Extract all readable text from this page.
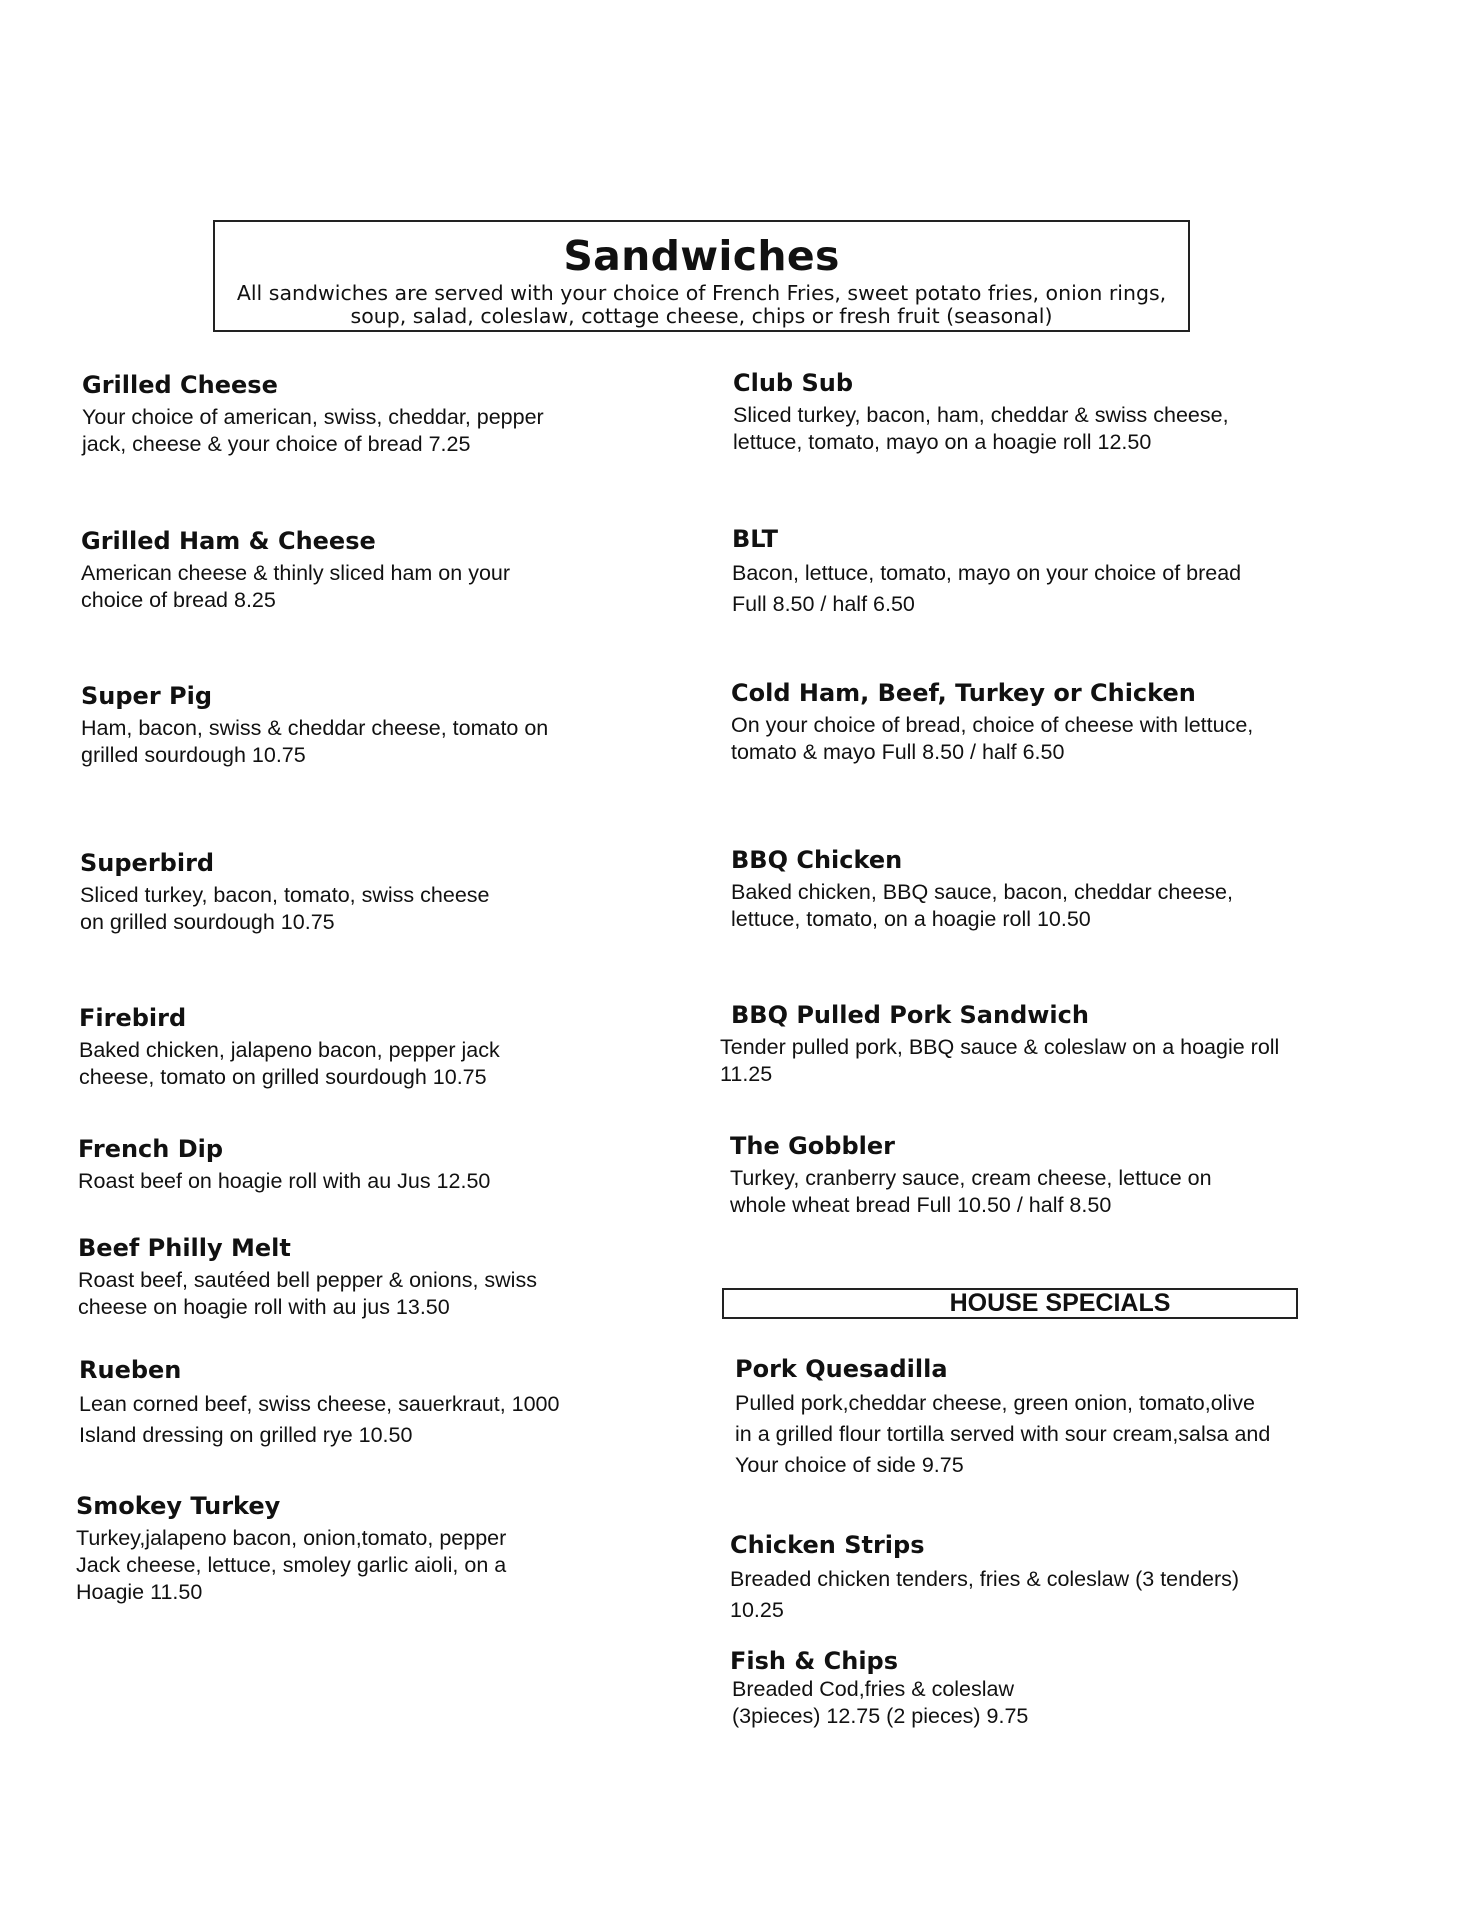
Sandwiches
All sandwiches are served with your choice of French Fries, sweet potato fries, onion rings, soup, salad, coleslaw, cottage cheese, chips or fresh fruit (seasonal)
Grilled Cheese
Your choice of american, swiss, cheddar, pepper
jack, cheese & your choice of bread 7.25
Grilled Ham & Cheese
American cheese & thinly sliced ham on your
choice of bread 8.25
Super Pig
Ham, bacon, swiss & cheddar cheese, tomato on
grilled sourdough 10.75
Superbird
Sliced turkey, bacon, tomato, swiss cheese
on grilled sourdough 10.75
Firebird
Baked chicken, jalapeno bacon, pepper jack
cheese, tomato on grilled sourdough 10.75
French Dip
Roast beef on hoagie roll with au Jus 12.50
Beef Philly Melt
Roast beef, sautéed bell pepper & onions, swiss
cheese on hoagie roll with au jus 13.50
Rueben
Lean corned beef, swiss cheese, sauerkraut, 1000
Island dressing on grilled rye 10.50
Smokey Turkey
Turkey,jalapeno bacon, onion,tomato, pepper
Jack cheese, lettuce, smoley garlic aioli, on a
Hoagie 11.50
Club Sub
Sliced turkey, bacon, ham, cheddar & swiss cheese,
lettuce, tomato, mayo on a hoagie roll 12.50
BLT
Bacon, lettuce, tomato, mayo on your choice of bread
Full 8.50 / half 6.50
Cold Ham, Beef, Turkey or Chicken
On your choice of bread, choice of cheese with lettuce,
tomato & mayo Full 8.50 / half 6.50
BBQ Chicken
Baked chicken, BBQ sauce, bacon, cheddar cheese,
lettuce, tomato, on a hoagie roll 10.50
BBQ Pulled Pork Sandwich
Tender pulled pork, BBQ sauce & coleslaw on a hoagie roll
11.25
The Gobbler
Turkey, cranberry sauce, cream cheese, lettuce on
whole wheat bread Full 10.50 / half 8.50
HOUSE SPECIALS
Pork Quesadilla
Pulled pork,cheddar cheese, green onion, tomato,olive
in a grilled flour tortilla served with sour cream,salsa and
Your choice of side 9.75
Chicken Strips
Breaded chicken tenders, fries & coleslaw (3 tenders)
10.25
Fish & Chips
Breaded Cod,fries & coleslaw
(3pieces) 12.75 (2 pieces) 9.75
